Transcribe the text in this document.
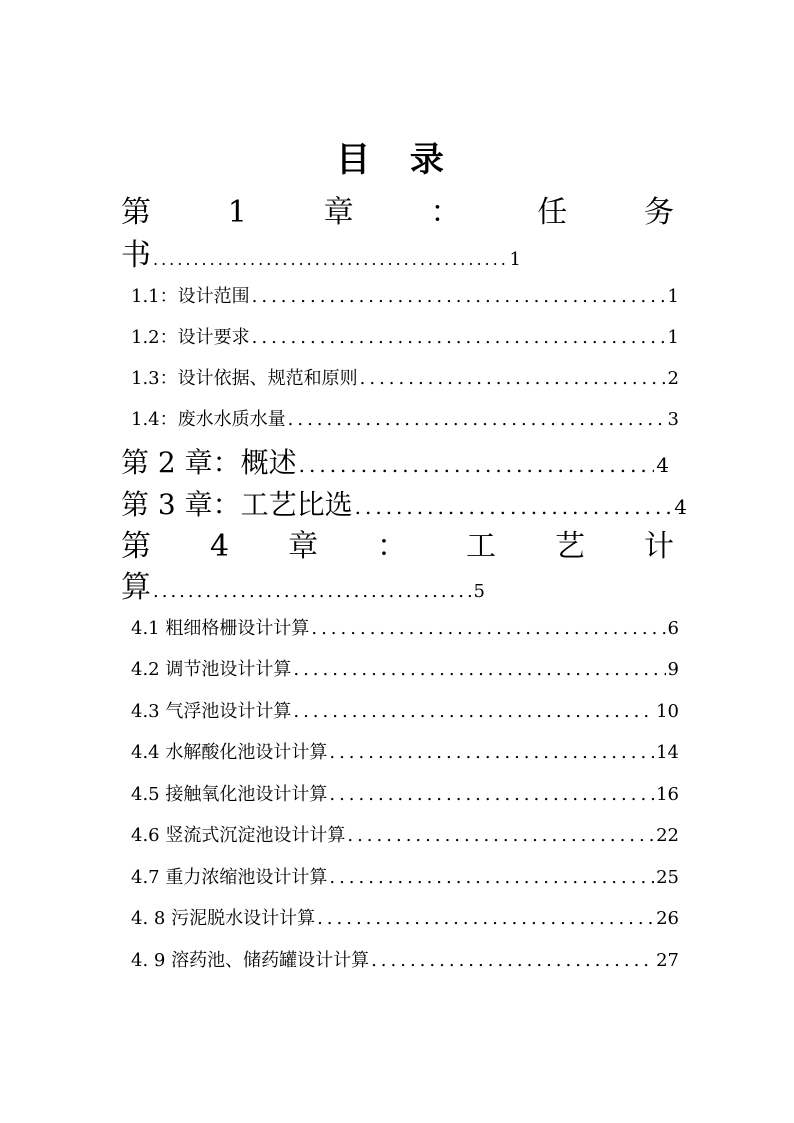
目 录
第	1	章	：	任	务
书 .....	1
1.1：设计范围 .....	1
1.2：设计要求 .....	1
1.3：设计依据、规范和原则 .....	2
1.4：废水水质水量 .....	3
第 2 章：概述 .....	4
第 3 章：工艺比选 .....	4
第 4 章 ： 工 艺 计
算 .....	5
4.1 粗细格栅设计计算 .....	6
4.2 调节池设计计算 .....	9
4.3 气浮池设计计算 .....	10
4.4 水解酸化池设计计算 .....	14
4.5 接触氧化池设计计算 .....	16
4.6 竖流式沉淀池设计计算 .....	22
4.7 重力浓缩池设计计算 .....	25
4. 8 污泥脱水设计计算 .....	26
4. 9 溶药池、储药罐设计计算 .....	27
